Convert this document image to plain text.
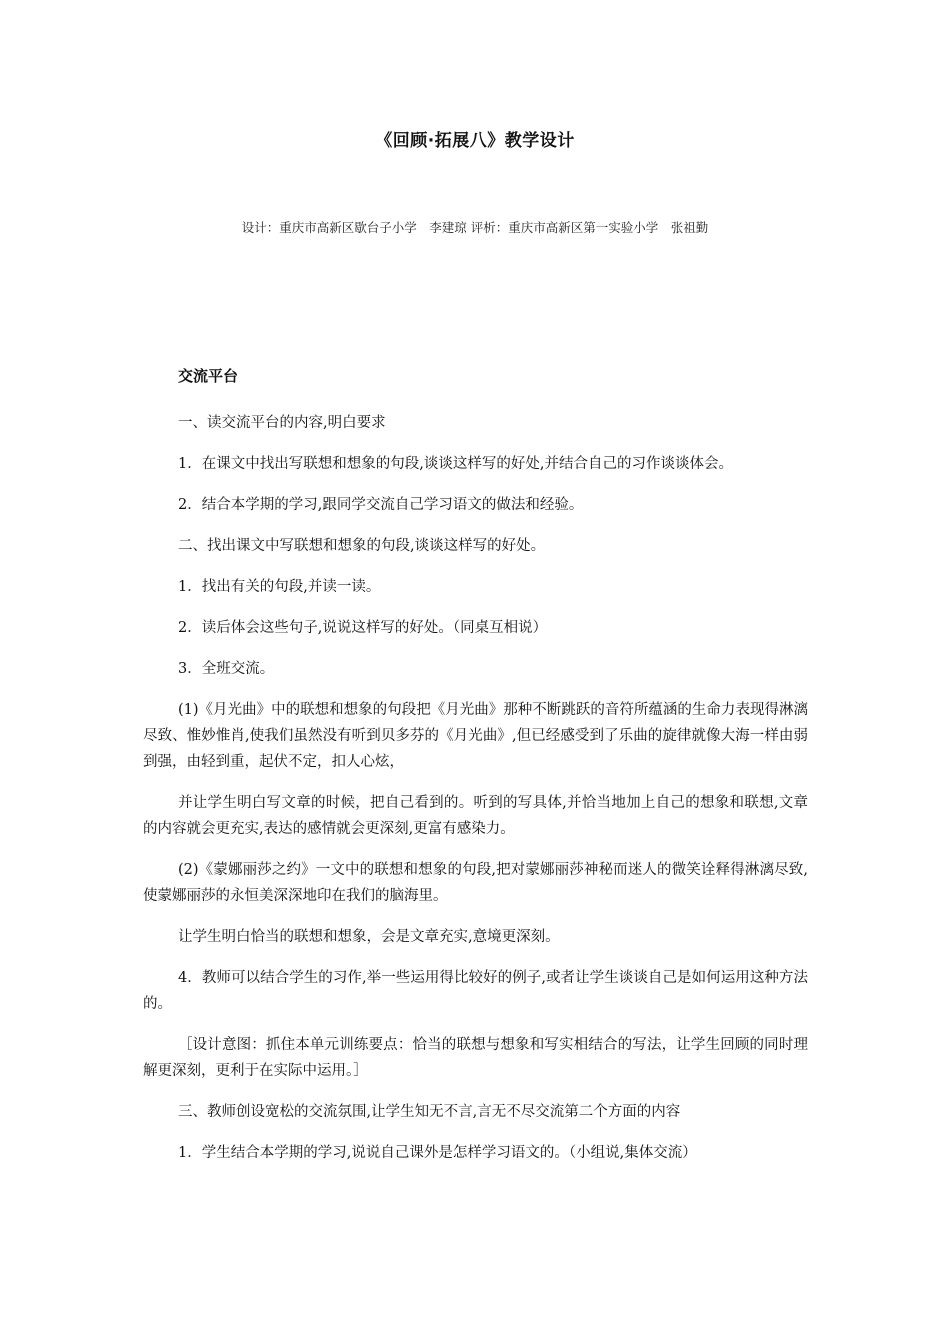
《回顾·拓展八》教学设计
设计：重庆市高新区歇台子小学　李建琼 评析：重庆市高新区第一实验小学　张祖勤
交流平台

一、读交流平台的内容,明白要求

1．在课文中找出写联想和想象的句段,谈谈这样写的好处,并结合自己的习作谈谈体会。

2．结合本学期的学习,跟同学交流自己学习语文的做法和经验。

二、找出课文中写联想和想象的句段,谈谈这样写的好处。

1．找出有关的句段,并读一读。

2．读后体会这些句子,说说这样写的好处。（同桌互相说）

3．全班交流。

(1)《月光曲》中的联想和想象的句段把《月光曲》那种不断跳跃的音符所蕴涵的生命力表现得淋漓尽致、惟妙惟肖,使我们虽然没有听到贝多芬的《月光曲》,但已经感受到了乐曲的旋律就像大海一样由弱到强，由轻到重，起伏不定，扣人心炫，

并让学生明白写文章的时候，把自己看到的。听到的写具体,并恰当地加上自己的想象和联想,文章的内容就会更充实,表达的感情就会更深刻,更富有感染力。

(2)《蒙娜丽莎之约》一文中的联想和想象的句段,把对蒙娜丽莎神秘而迷人的微笑诠释得淋漓尽致,使蒙娜丽莎的永恒美深深地印在我们的脑海里。

让学生明白恰当的联想和想象，会是文章充实,意境更深刻。

4．教师可以结合学生的习作,举一些运用得比较好的例子,或者让学生谈谈自己是如何运用这种方法的。

［设计意图：抓住本单元训练要点：恰当的联想与想象和写实相结合的写法，让学生回顾的同时理解更深刻，更利于在实际中运用。］

三、教师创设宽松的交流氛围,让学生知无不言,言无不尽交流第二个方面的内容

1．学生结合本学期的学习,说说自己课外是怎样学习语文的。（小组说,集体交流）
